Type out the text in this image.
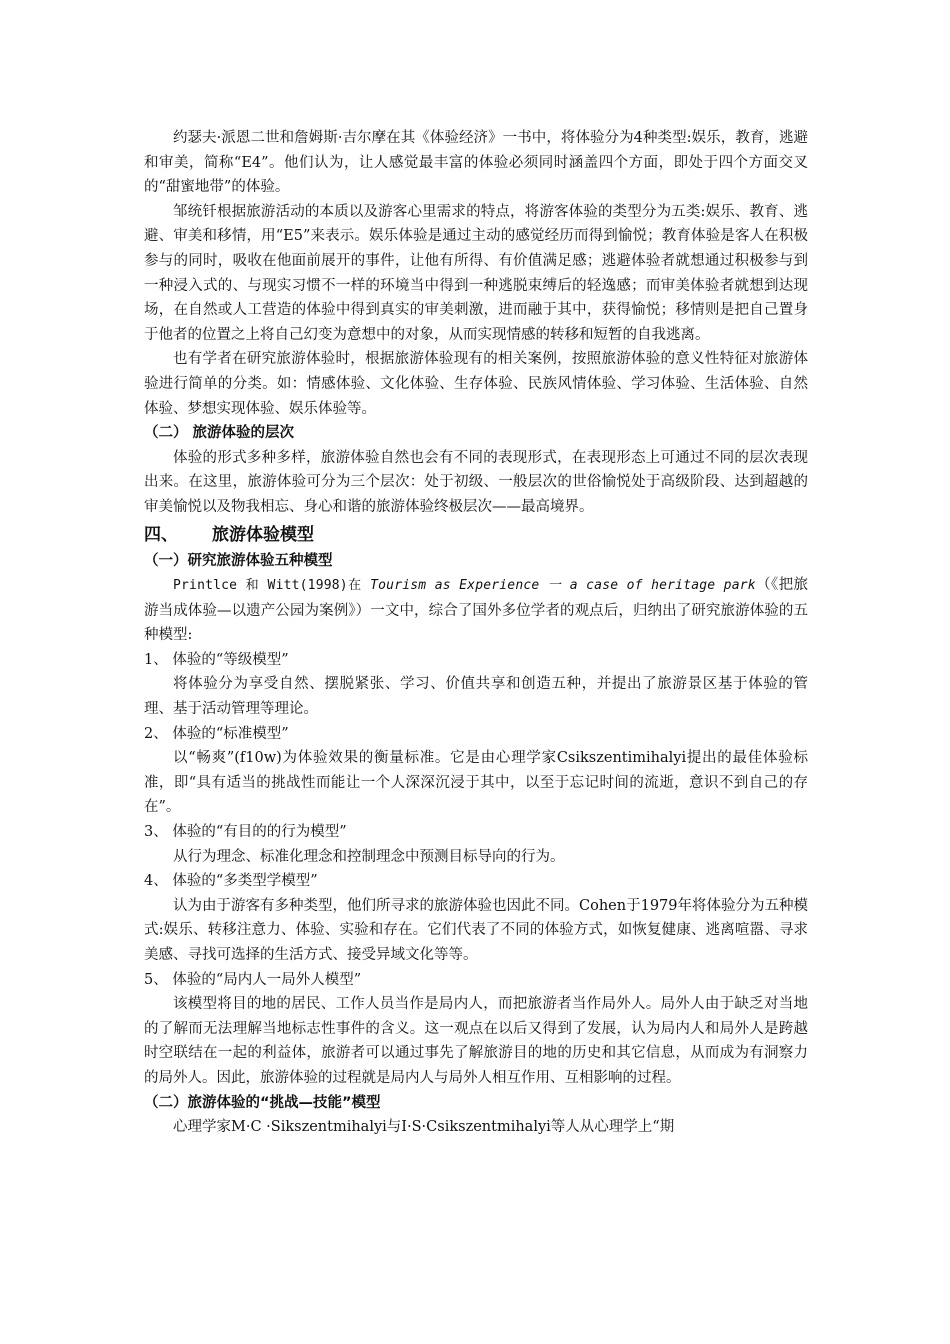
约瑟夫·派恩二世和詹姆斯·吉尔摩在其《体验经济》一书中，将体验分为4种类型:娱乐，教育，逃避和审美，简称“E4”。他们认为，让人感觉最丰富的体验必须同时涵盖四个方面，即处于四个方面交叉的“甜蜜地带”的体验。

邹统钎根据旅游活动的本质以及游客心里需求的特点，将游客体验的类型分为五类:娱乐、教育、逃避、审美和移情，用“E5”来表示。娱乐体验是通过主动的感觉经历而得到愉悦；教育体验是客人在积极参与的同时，吸收在他面前展开的事件，让他有所得、有价值满足感；逃避体验者就想通过积极参与到一种浸入式的、与现实习惯不一样的环境当中得到一种逃脱束缚后的轻逸感；而审美体验者就想到达现场，在自然或人工营造的体验中得到真实的审美刺激，进而融于其中，获得愉悦；移情则是把自己置身于他者的位置之上将自己幻变为意想中的对象，从而实现情感的转移和短暂的自我逃离。

也有学者在研究旅游体验时，根据旅游体验现有的相关案例，按照旅游体验的意义性特征对旅游体验进行简单的分类。如：情感体验、文化体验、生存体验、民族风情体验、学习体验、生活体验、自然体验、梦想实现体验、娱乐体验等。

（二） 旅游体验的层次

体验的形式多种多样，旅游体验自然也会有不同的表现形式，在表现形态上可通过不同的层次表现出来。在这里，旅游体验可分为三个层次：处于初级、一般层次的世俗愉悦处于高级阶段、达到超越的审美愉悦以及物我相忘、身心和谐的旅游体验终极层次——最高境界。

四、 旅游体验模型

（一）研究旅游体验五种模型

Printlce 和 Witt(1998)在 Tourism as Experience 一 a case of heritage park（《把旅游当成体验—以遗产公园为案例》）一文中，综合了国外多位学者的观点后，归纳出了研究旅游体验的五种模型:

1、 体验的“等级模型”

将体验分为享受自然、摆脱紧张、学习、价值共享和创造五种，并提出了旅游景区基于体验的管理、基于活动管理等理论。

2、 体验的“标准模型”

以“畅爽”(f10w)为体验效果的衡量标准。它是由心理学家Csikszentimihalyi提出的最佳体验标准，即“具有适当的挑战性而能让一个人深深沉浸于其中，以至于忘记时间的流逝，意识不到自己的存在”。

3、 体验的“有目的的行为模型”

从行为理念、标准化理念和控制理念中预测目标导向的行为。

4、 体验的“多类型学模型”

认为由于游客有多种类型，他们所寻求的旅游体验也因此不同。Cohen于1979年将体验分为五种模式:娱乐、转移注意力、体验、实验和存在。它们代表了不同的体验方式，如恢复健康、逃离喧嚣、寻求美感、寻找可选择的生活方式、接受异域文化等等。

5、 体验的“局内人一局外人模型”

该模型将目的地的居民、工作人员当作是局内人，而把旅游者当作局外人。局外人由于缺乏对当地的了解而无法理解当地标志性事件的含义。这一观点在以后又得到了发展，认为局内人和局外人是跨越时空联结在一起的利益体，旅游者可以通过事先了解旅游目的地的历史和其它信息，从而成为有洞察力的局外人。因此，旅游体验的过程就是局内人与局外人相互作用、互相影响的过程。

（二）旅游体验的“挑战—技能”模型

心理学家M·C ·Sikszentmihalyi与I·S·Csikszentmihalyi等人从心理学上“期
